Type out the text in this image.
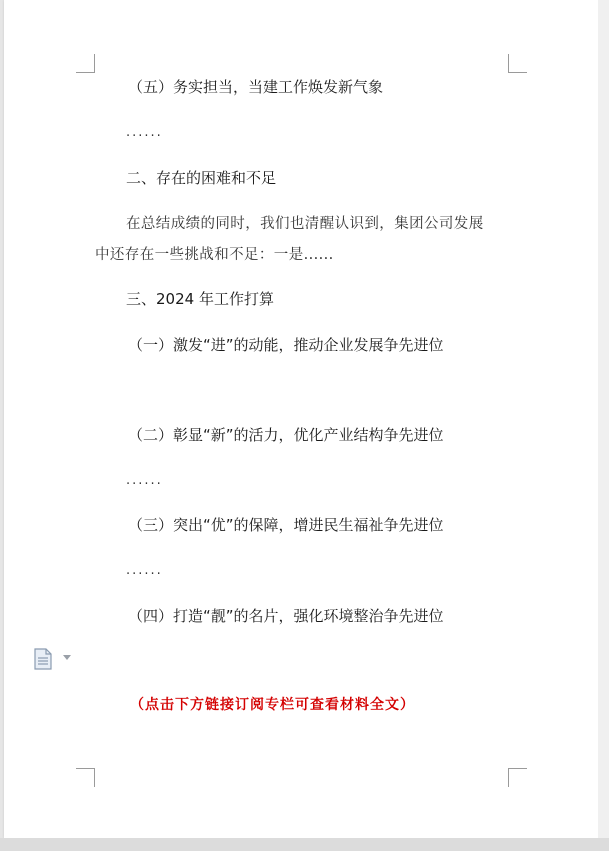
（五）务实担当，当建工作焕发新气象
......
二、存在的困难和不足
在总结成绩的同时，我们也清醒认识到，集团公司发展
中还存在一些挑战和不足：一是......
三、2024 年工作打算
（一）激发“进”的动能，推动企业发展争先进位
（二）彰显“新”的活力，优化产业结构争先进位
......
（三）突出“优”的保障，增进民生福祉争先进位
......
（四）打造“靓”的名片，强化环境整治争先进位
（点击下方链接订阅专栏可查看材料全文）
